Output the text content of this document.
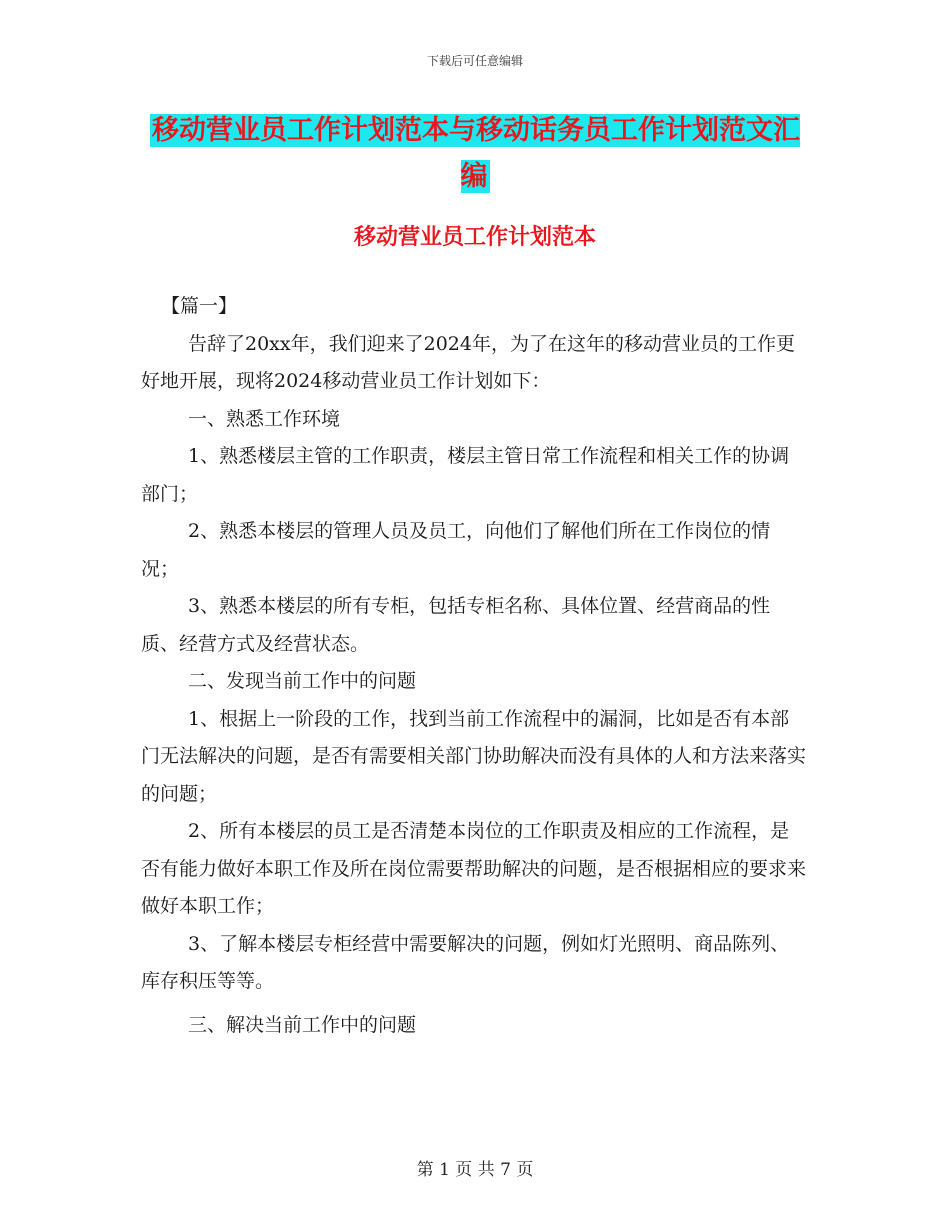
下载后可任意编辑
移动营业员工作计划范本与移动话务员工作计划范文汇编
移动营业员工作计划范本

【篇一】

告辞了20xx年，我们迎来了2024年，为了在这年的移动营业员的工作更好地开展，现将2024移动营业员工作计划如下：

一、熟悉工作环境

1、熟悉楼层主管的工作职责，楼层主管日常工作流程和相关工作的协调部门；

2、熟悉本楼层的管理人员及员工，向他们了解他们所在工作岗位的情况；

3、熟悉本楼层的所有专柜，包括专柜名称、具体位置、经营商品的性质、经营方式及经营状态。

二、发现当前工作中的问题

1、根据上一阶段的工作，找到当前工作流程中的漏洞，比如是否有本部门无法解决的问题，是否有需要相关部门协助解决而没有具体的人和方法来落实的问题；

2、所有本楼层的员工是否清楚本岗位的工作职责及相应的工作流程，是否有能力做好本职工作及所在岗位需要帮助解决的问题，是否根据相应的要求来做好本职工作；

3、了解本楼层专柜经营中需要解决的问题，例如灯光照明、商品陈列、库存积压等等。

三、解决当前工作中的问题

第 1 页 共 7 页
